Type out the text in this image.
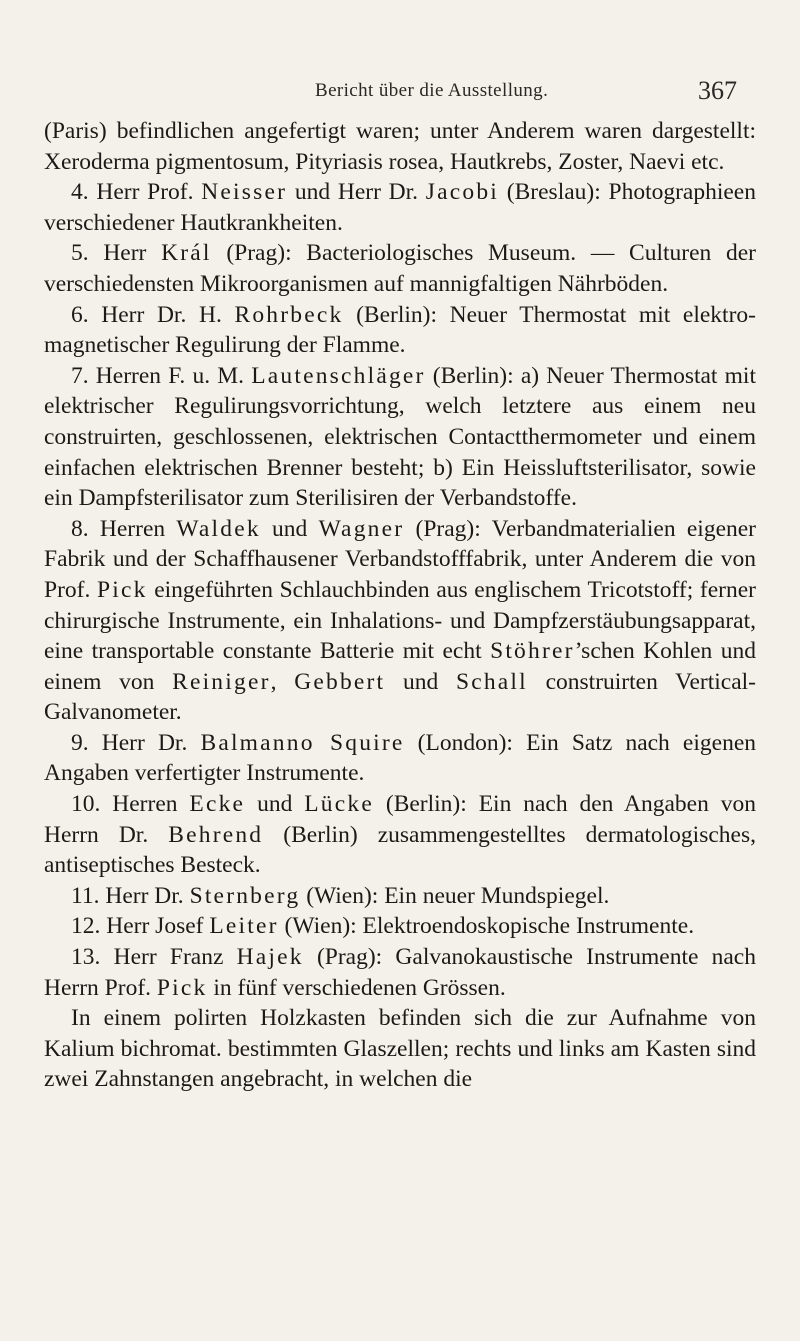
Bericht über die Ausstellung.	367

(Paris) befindlichen angefertigt waren; unter Anderem waren dargestellt: Xeroderma pigmentosum, Pityriasis rosea, Hautkrebs, Zoster, Naevi etc.

4. Herr Prof. Neisser und Herr Dr. Jacobi (Breslau): Photographieen verschiedener Hautkrankheiten.

5. Herr Král (Prag): Bacteriologisches Museum. — Culturen der verschiedensten Mikroorganismen auf mannigfaltigen Nährböden.

6. Herr Dr. H. Rohrbeck (Berlin): Neuer Thermostat mit elektro-magnetischer Regulirung der Flamme.

7. Herren F. u. M. Lautenschläger (Berlin): a) Neuer Thermostat mit elektrischer Regulirungsvorrichtung, welch letztere aus einem neu construirten, geschlossenen, elektrischen Contactthermometer und einem einfachen elektrischen Brenner besteht; b) Ein Heissluftsterilisator, sowie ein Dampfsterilisator zum Sterilisiren der Verbandstoffe.

8. Herren Waldek und Wagner (Prag): Verbandmaterialien eigener Fabrik und der Schaffhausener Verbandstofffabrik, unter Anderem die von Prof. Pick eingeführten Schlauchbinden aus englischem Tricotstoff; ferner chirurgische Instrumente, ein Inhalations- und Dampfzerstäubungsapparat, eine transportable constante Batterie mit echt Stöhrer’schen Kohlen und einem von Reiniger, Gebbert und Schall construirten Vertical-Galvanometer.

9. Herr Dr. Balmanno Squire (London): Ein Satz nach eigenen Angaben verfertigter Instrumente.

10. Herren Ecke und Lücke (Berlin): Ein nach den Angaben von Herrn Dr. Behrend (Berlin) zusammengestelltes dermatologisches, antiseptisches Besteck.

11. Herr Dr. Sternberg (Wien): Ein neuer Mundspiegel.

12. Herr Josef Leiter (Wien): Elektroendoskopische Instrumente.

13. Herr Franz Hajek (Prag): Galvanokaustische Instrumente nach Herrn Prof. Pick in fünf verschiedenen Grössen.

In einem polirten Holzkasten befinden sich die zur Aufnahme von Kalium bichromat. bestimmten Glaszellen; rechts und links am Kasten sind zwei Zahnstangen angebracht, in welchen die
